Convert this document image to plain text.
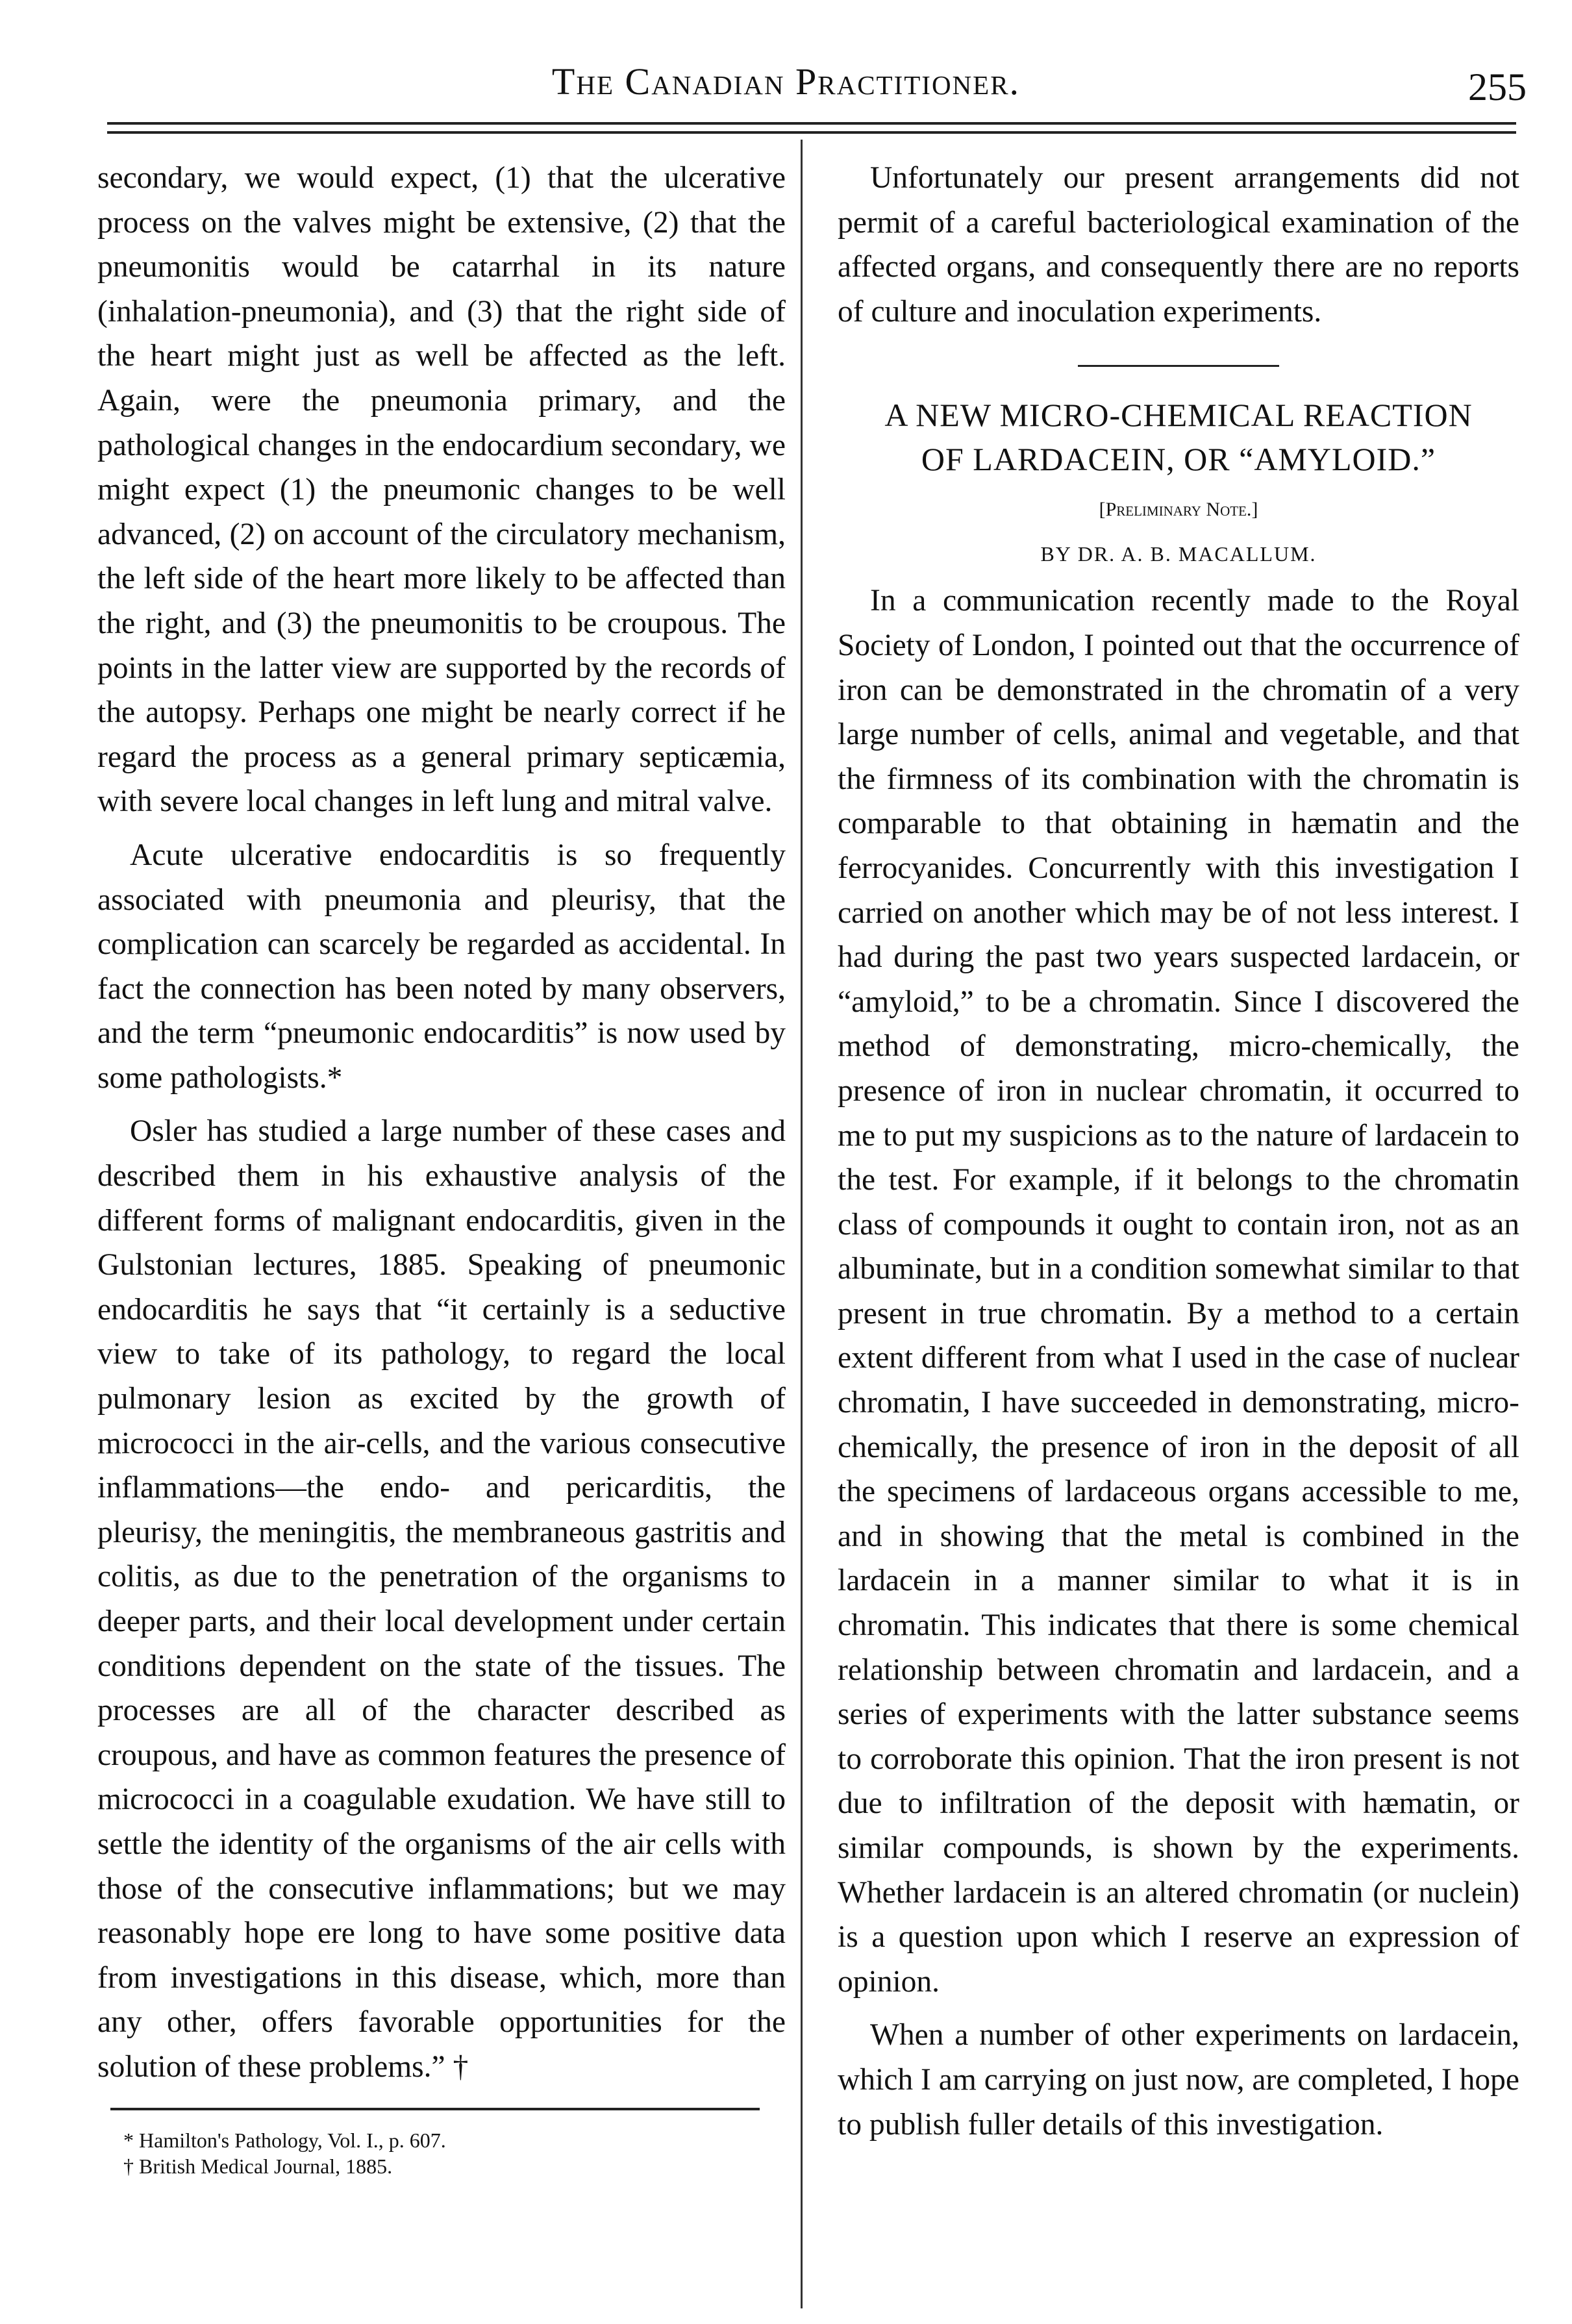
The Canadian Practitioner.	255

secondary, we would expect, (1) that the ulcerative process on the valves might be extensive, (2) that the pneumonitis would be catarrhal in its nature (inhalation-pneumonia), and (3) that the right side of the heart might just as well be affected as the left. Again, were the pneumonia primary, and the pathological changes in the endocardium secondary, we might expect (1) the pneumonic changes to be well advanced, (2) on account of the circulatory mechanism, the left side of the heart more likely to be affected than the right, and (3) the pneumonitis to be croupous. The points in the latter view are supported by the records of the autopsy. Perhaps one might be nearly correct if he regard the process as a general primary septicæmia, with severe local changes in left lung and mitral valve.

Acute ulcerative endocarditis is so frequently associated with pneumonia and pleurisy, that the complication can scarcely be regarded as accidental. In fact the connection has been noted by many observers, and the term “pneumonic endocarditis” is now used by some pathologists.*

Osler has studied a large number of these cases and described them in his exhaustive analysis of the different forms of malignant endocarditis, given in the Gulstonian lectures, 1885. Speaking of pneumonic endocarditis he says that “it certainly is a seductive view to take of its pathology, to regard the local pulmonary lesion as excited by the growth of micrococci in the air-cells, and the various consecutive inflammations—the endo- and pericarditis, the pleurisy, the meningitis, the membraneous gastritis and colitis, as due to the penetration of the organisms to deeper parts, and their local development under certain conditions dependent on the state of the tissues. The processes are all of the character described as croupous, and have as common features the presence of micrococci in a coagulable exudation. We have still to settle the identity of the organisms of the air cells with those of the consecutive inflammations; but we may reasonably hope ere long to have some positive data from investigations in this disease, which, more than any other, offers favorable opportunities for the solution of these problems.” †

* Hamilton's Pathology, Vol. I., p. 607.
† British Medical Journal, 1885.

Unfortunately our present arrangements did not permit of a careful bacteriological examination of the affected organs, and consequently there are no reports of culture and inoculation experiments.

A NEW MICRO-CHEMICAL REACTION
OF LARDACEIN, OR “AMYLOID.”
[Preliminary Note.]
BY DR. A. B. MACALLUM.

In a communication recently made to the Royal Society of London, I pointed out that the occurrence of iron can be demonstrated in the chromatin of a very large number of cells, animal and vegetable, and that the firmness of its combination with the chromatin is comparable to that obtaining in hæmatin and the ferrocyanides. Concurrently with this investigation I carried on another which may be of not less interest. I had during the past two years suspected lardacein, or “amyloid,” to be a chromatin. Since I discovered the method of demonstrating, micro-chemically, the presence of iron in nuclear chromatin, it occurred to me to put my suspicions as to the nature of lardacein to the test. For example, if it belongs to the chromatin class of compounds it ought to contain iron, not as an albuminate, but in a condition somewhat similar to that present in true chromatin. By a method to a certain extent different from what I used in the case of nuclear chromatin, I have succeeded in demonstrating, micro-chemically, the presence of iron in the deposit of all the specimens of lardaceous organs accessible to me, and in showing that the metal is combined in the lardacein in a manner similar to what it is in chromatin. This indicates that there is some chemical relationship between chromatin and lardacein, and a series of experiments with the latter substance seems to corroborate this opinion. That the iron present is not due to infiltration of the deposit with hæmatin, or similar compounds, is shown by the experiments. Whether lardacein is an altered chromatin (or nuclein) is a question upon which I reserve an expression of opinion.

When a number of other experiments on lardacein, which I am carrying on just now, are completed, I hope to publish fuller details of this investigation.
